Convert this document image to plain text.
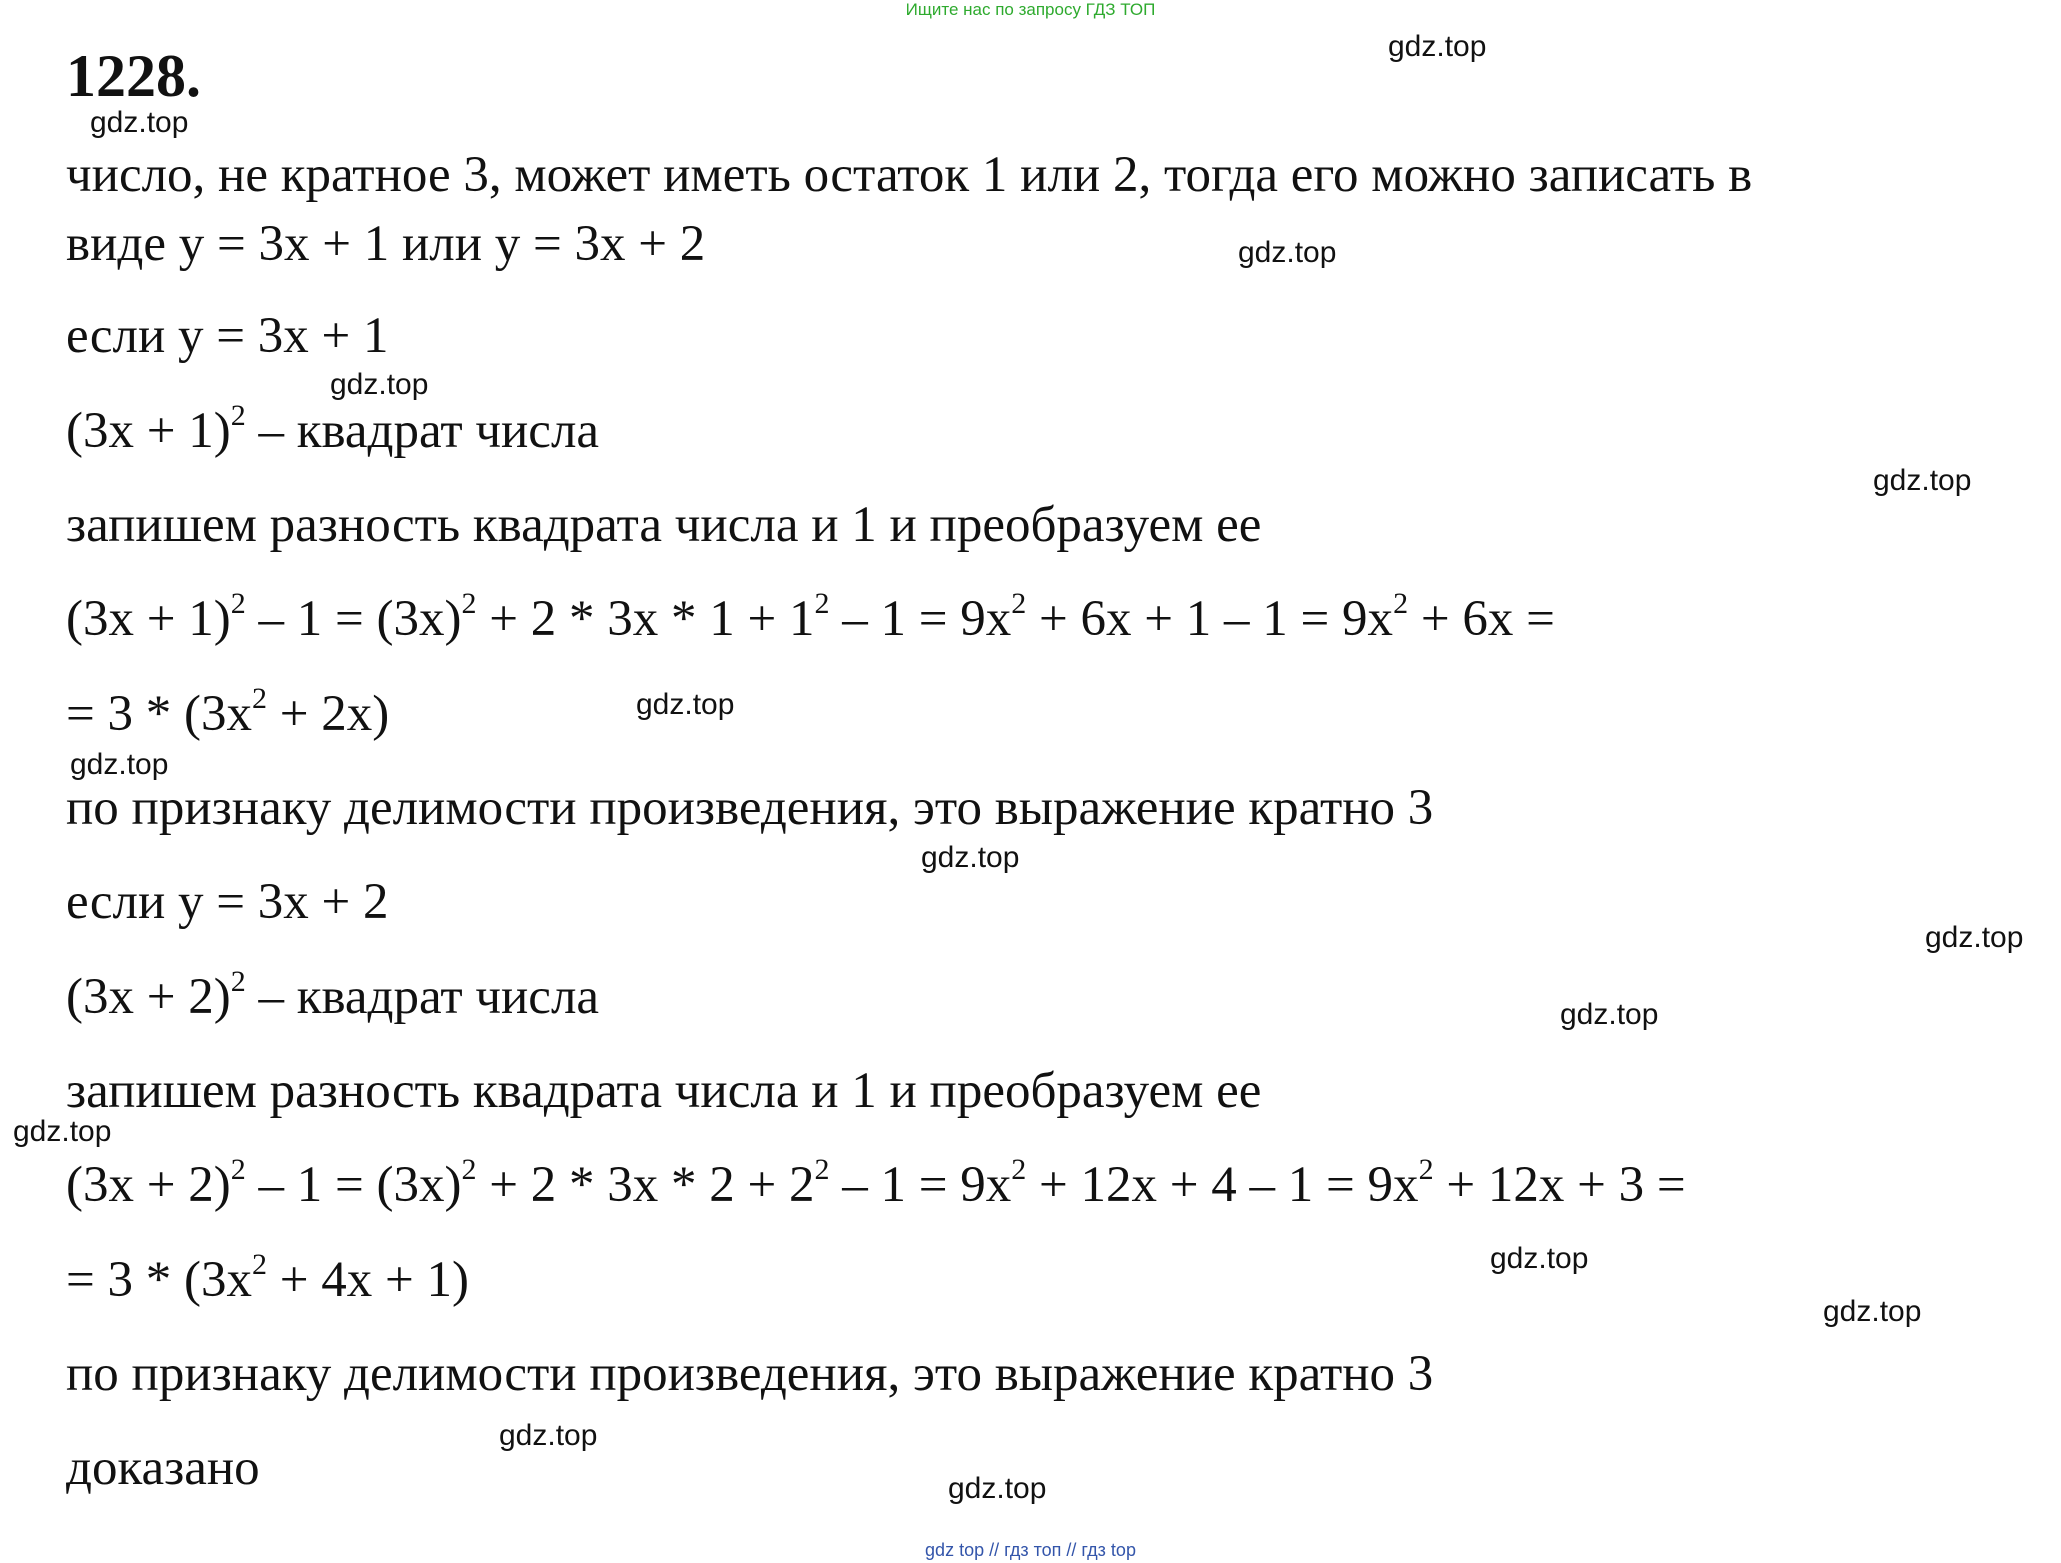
Ищите нас по запросу ГДЗ ТОП
1228.
число, не кратное 3, может иметь остаток 1 или 2, тогда его можно записать в
виде y = 3x + 1 или y = 3x + 2
если y = 3x + 1
$(3x + 1)^2$ – квадрат числа
запишем разность квадрата числа и 1 и преобразуем ее
$(3x + 1)^2 - 1 = (3x)^2 + 2 * 3x * 1 + 1^2 - 1 = 9x^2 + 6x + 1 - 1 = 9x^2 + 6x$ =
= $3 * (3x^2 + 2x)$
по признаку делимости произведения, это выражение кратно 3
если y = 3x + 2
$(3x + 2)^2$ – квадрат числа
запишем разность квадрата числа и 1 и преобразуем ее
$(3x + 2)^2 - 1 = (3x)^2 + 2 * 3x * 2 + 2^2 - 1 = 9x^2 + 12x + 4 - 1 = 9x^2 + 12x + 3$ =
= $3 * (3x^2 + 4x + 1)$
по признаку делимости произведения, это выражение кратно 3
доказано
gdz.top
gdz.top
gdz.top
gdz.top
gdz.top
gdz.top
gdz.top
gdz.top
gdz.top
gdz.top
gdz.top
gdz.top
gdz.top
gdz.top
gdz.top
gdz top // гдз топ // гдз top
